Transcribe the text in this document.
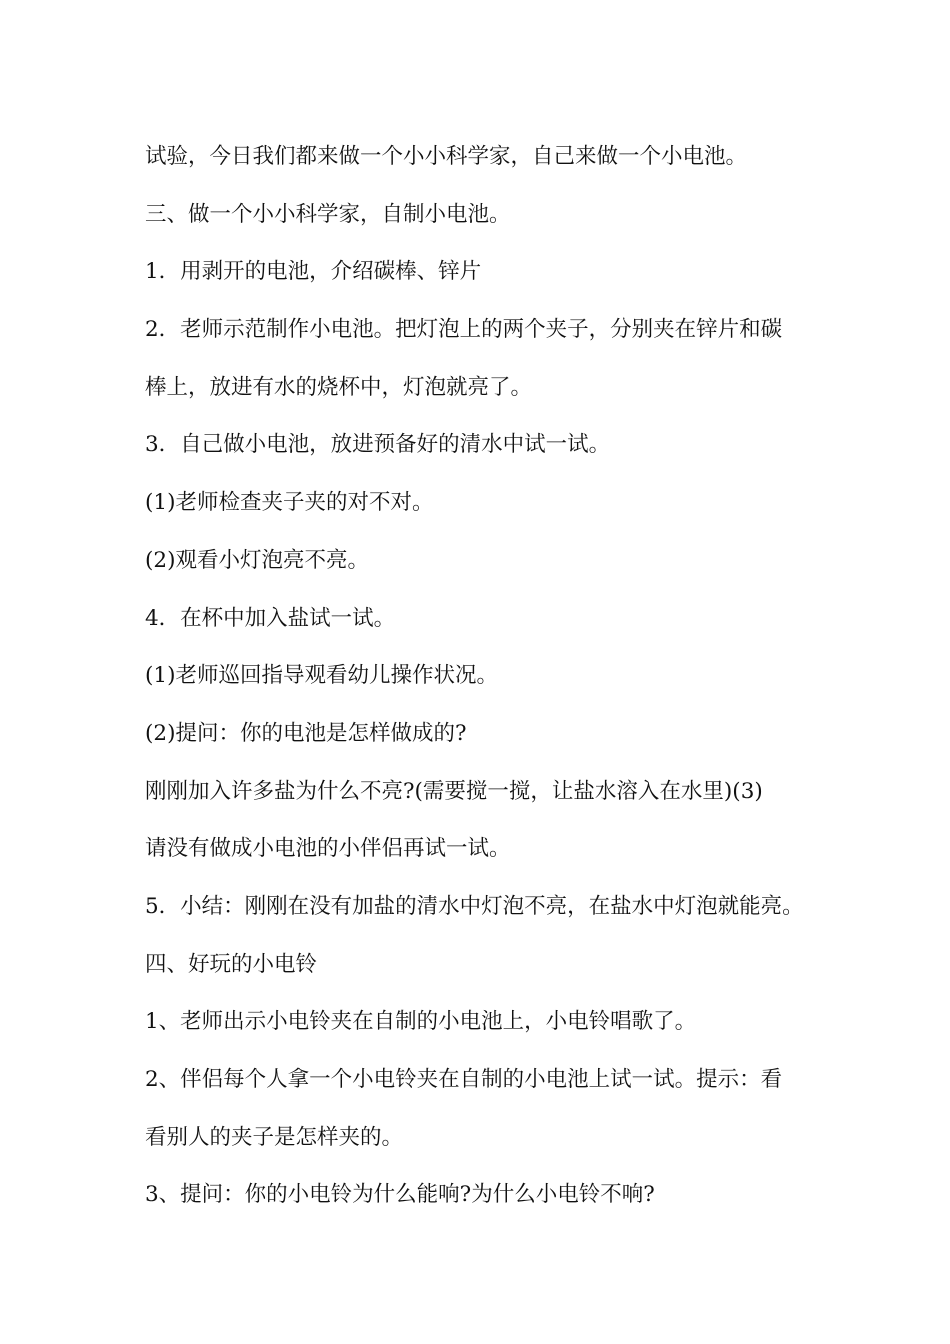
试验，今日我们都来做一个小小科学家，自己来做一个小电池。

三、做一个小小科学家，自制小电池。

1．用剥开的电池，介绍碳棒、锌片

2．老师示范制作小电池。把灯泡上的两个夹子，分别夹在锌片和碳

棒上，放进有水的烧杯中，灯泡就亮了。

3．自己做小电池，放进预备好的清水中试一试。

(1)老师检查夹子夹的对不对。

(2)观看小灯泡亮不亮。

4．在杯中加入盐试一试。

(1)老师巡回指导观看幼儿操作状况。

(2)提问：你的电池是怎样做成的?

刚刚加入许多盐为什么不亮?(需要搅一搅，让盐水溶入在水里)(3)

请没有做成小电池的小伴侣再试一试。

5．小结：刚刚在没有加盐的清水中灯泡不亮，在盐水中灯泡就能亮。

四、好玩的小电铃

1、老师出示小电铃夹在自制的小电池上，小电铃唱歌了。

2、伴侣每个人拿一个小电铃夹在自制的小电池上试一试。提示：看

看别人的夹子是怎样夹的。

3、提问：你的小电铃为什么能响?为什么小电铃不响?
